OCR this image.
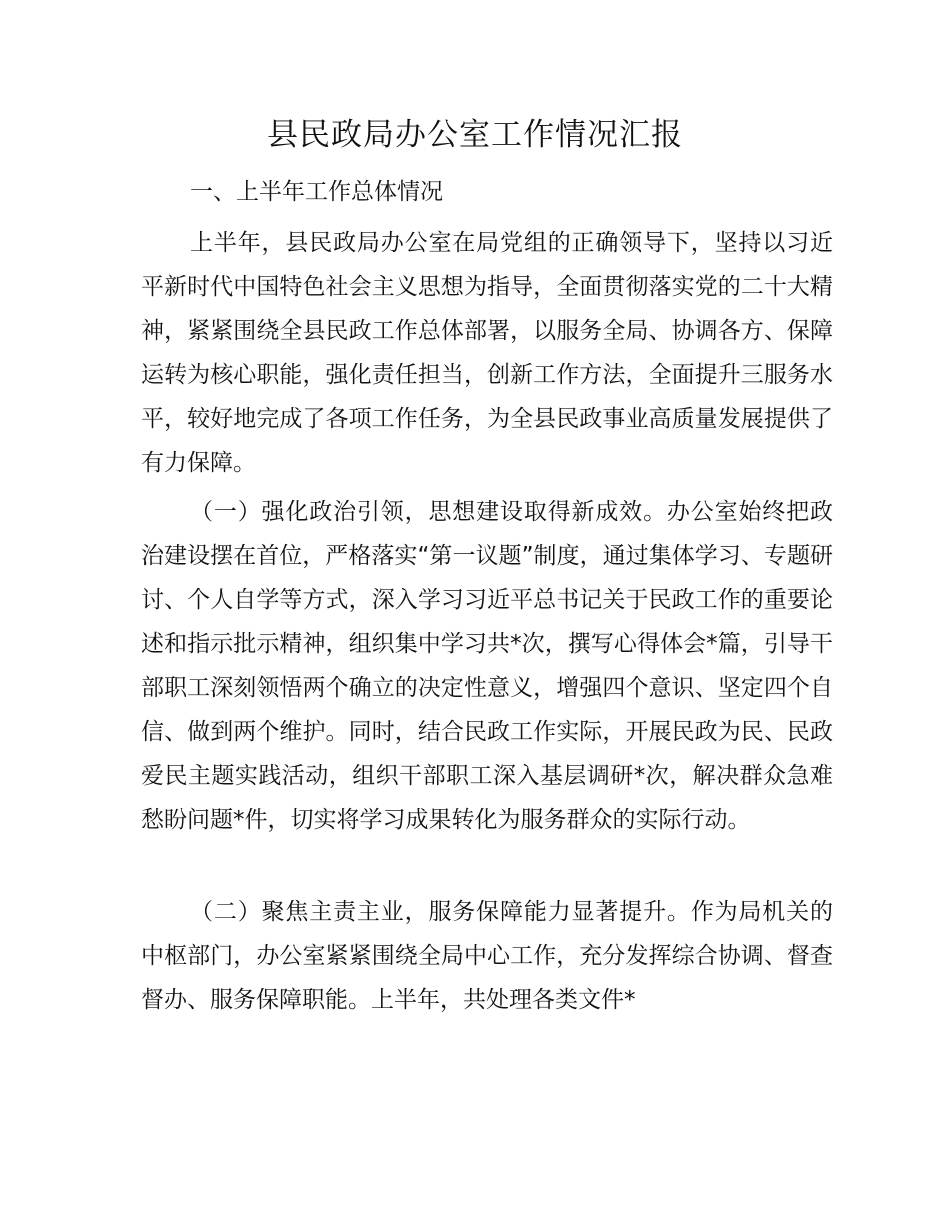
县民政局办公室工作情况汇报

一、上半年工作总体情况

上半年，县民政局办公室在局党组的正确领导下，坚持以习近平新时代中国特色社会主义思想为指导，全面贯彻落实党的二十大精神，紧紧围绕全县民政工作总体部署，以服务全局、协调各方、保障运转为核心职能，强化责任担当，创新工作方法，全面提升三服务水平，较好地完成了各项工作任务，为全县民政事业高质量发展提供了有力保障。

（一）强化政治引领，思想建设取得新成效。办公室始终把政治建设摆在首位，严格落实“第一议题”制度，通过集体学习、专题研讨、个人自学等方式，深入学习习近平总书记关于民政工作的重要论述和指示批示精神，组织集中学习共*次，撰写心得体会*篇，引导干部职工深刻领悟两个确立的决定性意义，增强四个意识、坚定四个自信、做到两个维护。同时，结合民政工作实际，开展民政为民、民政爱民主题实践活动，组织干部职工深入基层调研*次，解决群众急难愁盼问题*件，切实将学习成果转化为服务群众的实际行动。

（二）聚焦主责主业，服务保障能力显著提升。作为局机关的中枢部门，办公室紧紧围绕全局中心工作，充分发挥综合协调、督查督办、服务保障职能。上半年，共处理各类文件*
